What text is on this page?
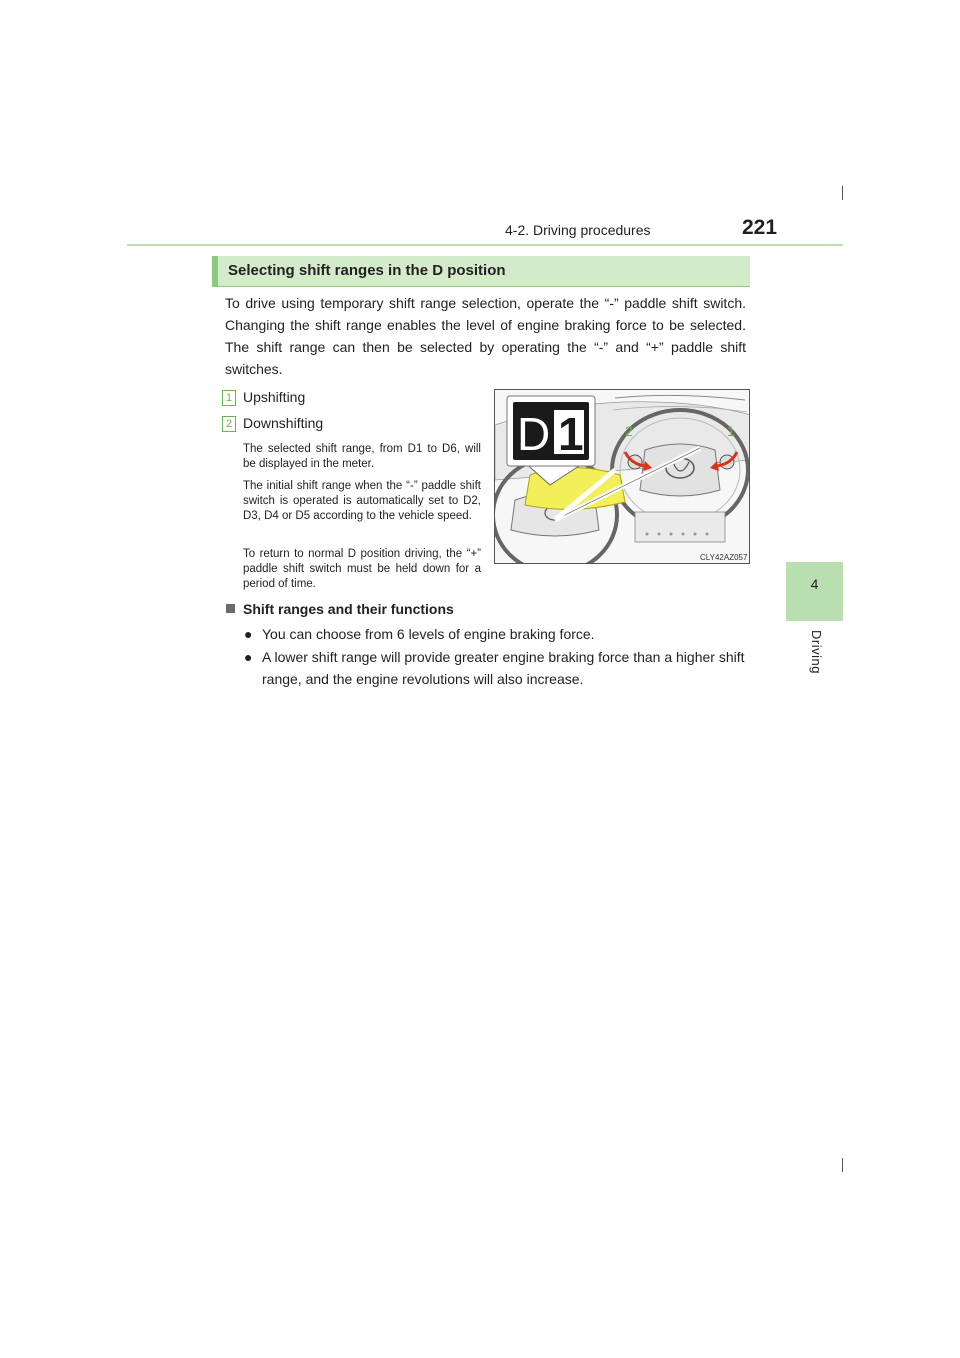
4-2. Driving procedures	221
4
Driving
Selecting shift ranges in the D position

To drive using temporary shift range selection, operate the “-” paddle shift switch. Changing the shift range enables the level of engine braking force to be selected. The shift range can then be selected by operating the “-” and “+” paddle shift switches.

1 Upshifting
2 Downshifting

The selected shift range, from D1 to D6, will be displayed in the meter.

The initial shift range when the “-” paddle shift switch is operated is automatically set to D2, D3, D4 or D5 according to the vehicle speed.

To return to normal D position driving, the “+” paddle shift switch must be held down for a period of time.

2	1
D 1
CLY42AZ057
Shift ranges and their functions

● You can choose from 6 levels of engine braking force.

● A lower shift range will provide greater engine braking force than a higher shift range, and the engine revolutions will also increase.
